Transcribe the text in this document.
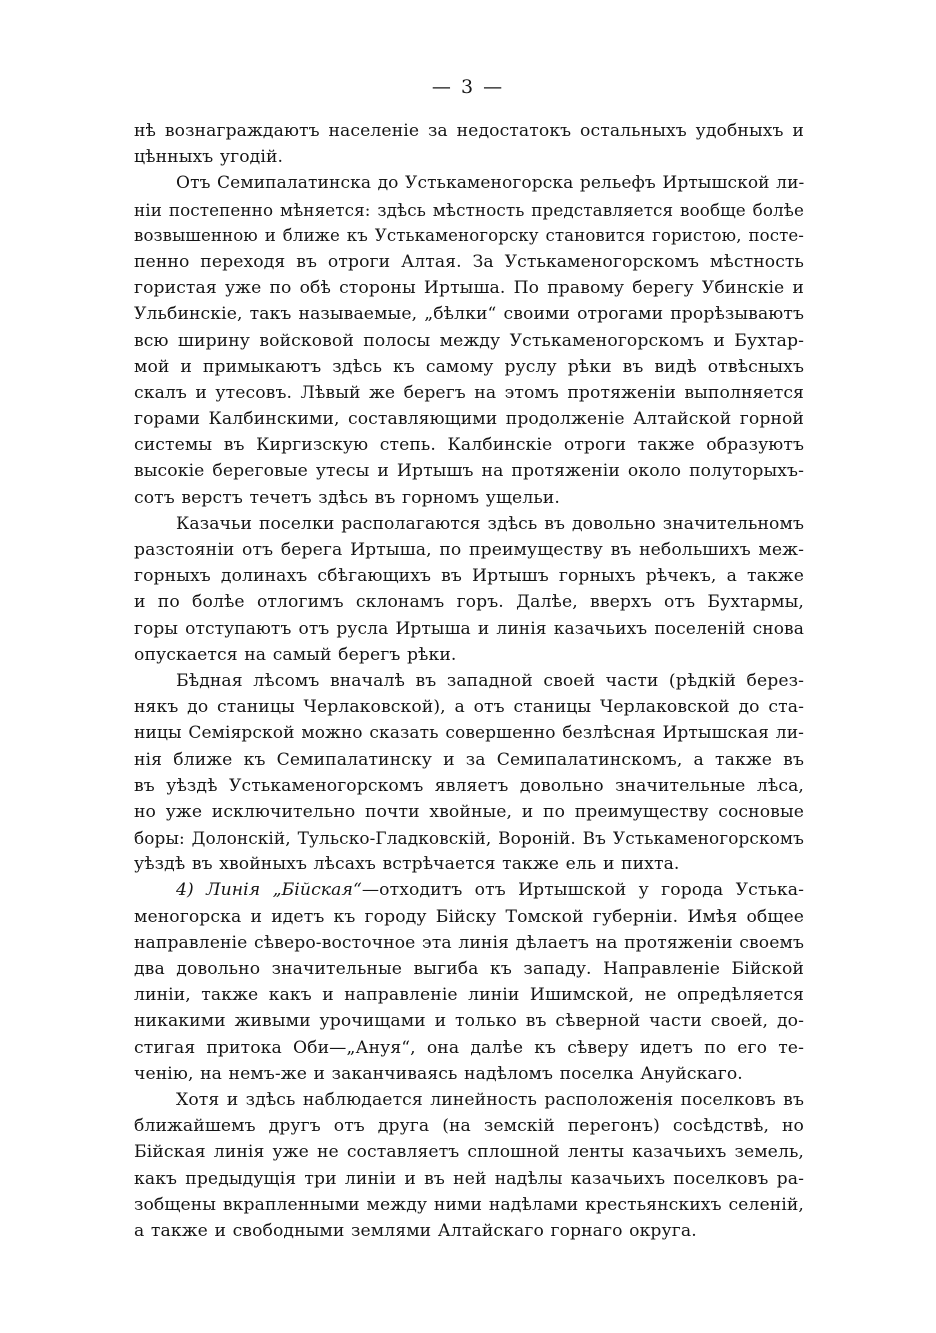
— 3 —
нѣ вознаграждаютъ населеніе за недостатокъ остальныхъ удобныхъ и
цѣнныхъ угодій.
Отъ Семипалатинска до Устькаменогорска рельефъ Иртышской ли-
ніи постепенно мѣняется: здѣсь мѣстность представляется вообще болѣе
возвышенною и ближе къ Устькаменогорску становится гористою, посте-
пенно переходя въ отроги Алтая. За Устькаменогорскомъ мѣстность
гористая уже по обѣ стороны Иртыша. По правому берегу Убинскіе и
Ульбинскіе, такъ называемые, „бѣлки“ своими отрогами прорѣзываютъ
всю ширину войсковой полосы между Устькаменогорскомъ и Бухтар-
мой и примыкаютъ здѣсь къ самому руслу рѣки въ видѣ отвѣсныхъ
скалъ и утесовъ. Лѣвый же берегъ на этомъ протяженіи выполняется
горами Калбинскими, составляющими продолженіе Алтайской горной
системы въ Киргизскую степь. Калбинскіе отроги также образуютъ
высокіе береговые утесы и Иртышъ на протяженіи около полуторыхъ-
сотъ верстъ течетъ здѣсь въ горномъ ущельи.
Казачьи поселки располагаются здѣсь въ довольно значительномъ
разстояніи отъ берега Иртыша, по преимуществу въ небольшихъ меж-
горныхъ долинахъ сбѣгающихъ въ Иртышъ горныхъ рѣчекъ, а также
и по болѣе отлогимъ склонамъ горъ. Далѣе, вверхъ отъ Бухтармы,
горы отступаютъ отъ русла Иртыша и линія казачьихъ поселеній снова
опускается на самый берегъ рѣки.
Бѣдная лѣсомъ вначалѣ въ западной своей части (рѣдкій берез-
някъ до станицы Черлаковской), а отъ станицы Черлаковской до ста-
ницы Семіярской можно сказать совершенно безлѣсная Иртышская ли-
нія ближе къ Семипалатинску и за Семипалатинскомъ, а также въ
въ уѣздѣ Устькаменогорскомъ являетъ довольно значительные лѣса,
но уже исключительно почти хвойные, и по преимуществу сосновые
боры: Долонскій, Тульско-Гладковскій, Вороній. Въ Устькаменогорскомъ
уѣздѣ въ хвойныхъ лѣсахъ встрѣчается также ель и пихта.
4) Линія „Бійская“—отходитъ отъ Иртышской у города Устька-
меногорска и идетъ къ городу Бійску Томской губерніи. Имѣя общее
направленіе сѣверо-восточное эта линія дѣлаетъ на протяженіи своемъ
два довольно значительные выгиба къ западу. Направленіе Бійской
линіи, также какъ и направленіе линіи Ишимской, не опредѣляется
никакими живыми урочищами и только въ сѣверной части своей, до-
стигая притока Оби—„Ануя“, она далѣе къ сѣверу идетъ по его те-
ченію, на немъ-же и заканчиваясь надѣломъ поселка Ануйскаго.
Хотя и здѣсь наблюдается линейность расположенія поселковъ въ
ближайшемъ другъ отъ друга (на земскій перегонъ) сосѣдствѣ, но
Бійская линія уже не составляетъ сплошной ленты казачьихъ земель,
какъ предыдущія три линіи и въ ней надѣлы казачьихъ поселковъ ра-
зобщены вкрапленными между ними надѣлами крестьянскихъ селеній,
а также и свободными землями Алтайскаго горнаго округа.
